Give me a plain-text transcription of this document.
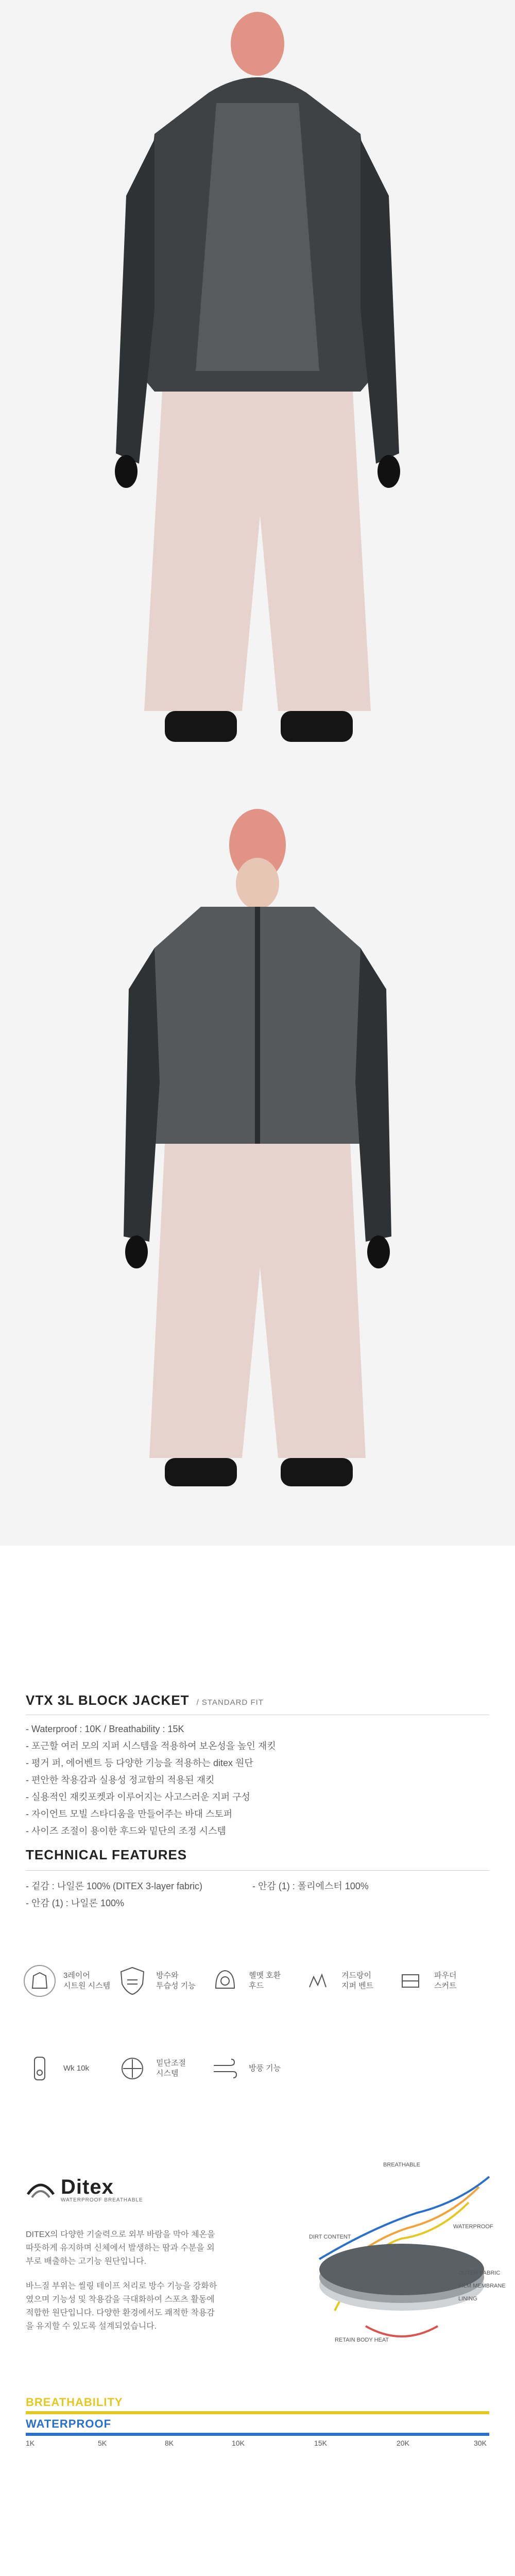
VTX 3L BLOCK JACKET / STANDARD FIT
- Waterproof : 10K / Breathability : 15K
- 포근할 여러 모의 지퍼 시스템을 적용하여 보온성을 높인 재킷
- 평거 퍼, 에어벤트 등 다양한 기능을 적용하는 ditex 원단
- 편안한 착용감과 실용성 정교함의 적용된 재킷
- 실용적인 재킷포켓과 이루어지는 사고스러운 지퍼 구성
- 자이언트 모빌 스타디움을 만들어주는 바대 스토퍼
- 사이즈 조절이 용이한 후드와 밑단의 조정 시스템
TECHNICAL FEATURES
- 겉감 : 나일론 100% (DITEX 3-layer fabric)
-	안감 (1) : 폴리에스터 100%
- 안감 (1) : 나일론 100%
3레이어
시트원 시스템
방수와
투습성 기능
헬멧 호환
후드
겨드랑이
지퍼 벤트
파우더
스커트
Wk 10k
밑단조절
시스템
방풍 기능
Ditex
WATERPROOF BREATHABLE
DITEX의 다양한 기술력으로 외부 바람을 막아 체온을 따뜻하게 유지하며 신체에서 발생하는 땀과 수분을 외부로 배출하는 고기능 원단입니다.
바느질 부위는 씰링 테이프 처리로 방수 기능을 강화하였으며 기능성 및 착용감을 극대화하여 스포츠 활동에 적합한 원단입니다. 다양한 환경에서도 쾌적한 착용감을 유지할 수 있도록 설계되었습니다.
BREATHABLE
WATERPROOF
OUTER FABRIC
FILM MEMBRANE
LINING
DIRT CONTENT
RETAIN BODY HEAT
BREATHABILITY
WATERPROOF
1K	5K	8K	10K	15K	20K	30K
